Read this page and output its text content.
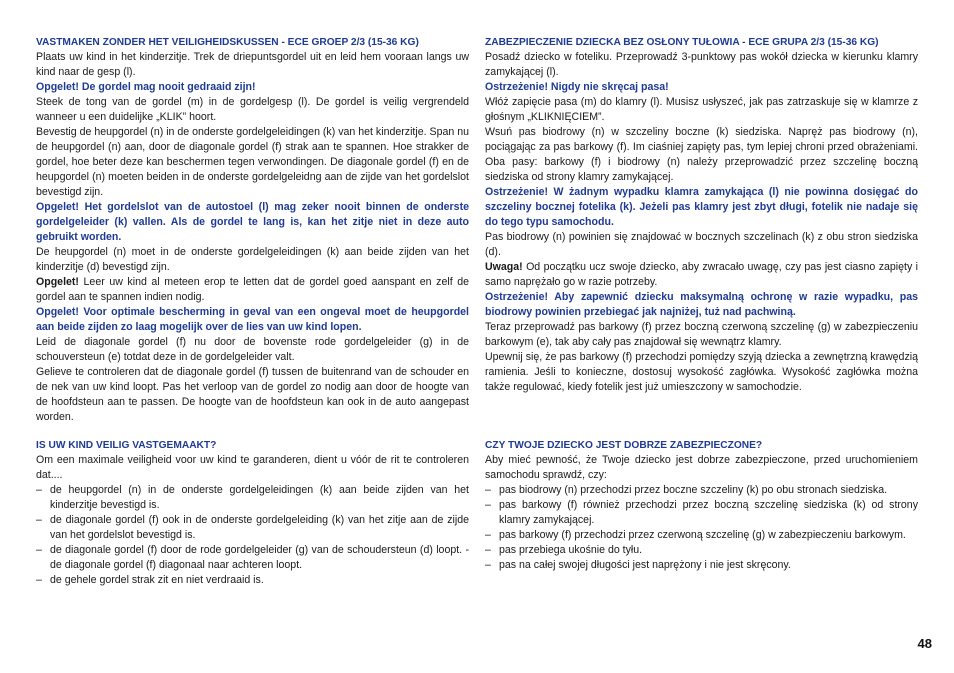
VASTMAKEN ZONDER HET VEILIGHEIDSKUSSEN - ECE GROEP 2/3 (15-36 KG)

Plaats uw kind in het kinderzitje. Trek de driepuntsgordel uit en leid hem vooraan langs uw kind naar de gesp (l).

Opgelet! De gordel mag nooit gedraaid zijn!

Steek de tong van de gordel (m) in de gordelgesp (l). De gordel is veilig vergrendeld wanneer u een duidelijke „KLIK” hoort.

Bevestig de heupgordel (n) in de onderste gordelgeleidingen (k) van het kinderzitje. Span nu de heupgordel (n) aan, door de diagonale gordel (f) strak aan te spannen. Hoe strakker de gordel, hoe beter deze kan beschermen tegen verwondingen. De diagonale gordel (f) en de heupgordel (n) moeten beiden in de onderste gordelgeleidng aan de zijde van het gordelslot bevestigd zijn.

Opgelet! Het gordelslot van de autostoel (l) mag zeker nooit binnen de onderste gordelgeleider (k) vallen. Als de gordel te lang is, kan het zitje niet in deze auto gebruikt worden.

De heupgordel (n) moet in de onderste gordelgeleidingen (k) aan beide zijden van het kinderzitje (d) bevestigd zijn.

Opgelet! Leer uw kind al meteen erop te letten dat de gordel goed aanspant en zelf de gordel aan te spannen indien nodig.

Opgelet! Voor optimale bescherming in geval van een ongeval moet de heupgordel aan beide zijden zo laag mogelijk over de lies van uw kind lopen.

Leid de diagonale gordel (f) nu door de bovenste rode gordelgeleider (g) in de schouversteun (e) totdat deze in de gordelgeleider valt.

Gelieve te controleren dat de diagonale gordel (f) tussen de buitenrand van de schouder en de nek van uw kind loopt. Pas het verloop van de gordel zo nodig aan door de hoogte van de hoofdsteun aan te passen. De hoogte van de hoofdsteun kan ook in de auto aangepast worden.

ZABEZPIECZENIE DZIECKA BEZ OSŁONY TUŁOWIA - ECE GRUPA 2/3 (15-36 KG)

Posadź dziecko w foteliku. Przeprowadź 3-punktowy pas wokół dziecka w kierunku klamry zamykającej (l).

Ostrzeżenie! Nigdy nie skręcaj pasa!

Włóż zapięcie pasa (m) do klamry (l). Musisz usłyszeć, jak pas zatrzaskuje się w klamrze z głośnym „KLIKNIĘCIEM”.

Wsuń pas biodrowy (n) w szczeliny boczne (k) siedziska. Napręż pas biodrowy (n), pociągając za pas barkowy (f). Im ciaśniej zapięty pas, tym lepiej chroni przed obrażeniami. Oba pasy: barkowy (f) i biodrowy (n) należy przeprowadzić przez szczelinę boczną siedziska od strony klamry zamykającej.

Ostrzeżenie! W żadnym wypadku klamra zamykająca (l) nie powinna dosięgać do szczeliny bocznej fotelika (k). Jeżeli pas klamry jest zbyt długi, fotelik nie nadaje się do tego typu samochodu.

Pas biodrowy (n) powinien się znajdować w bocznych szczelinach (k) z obu stron siedziska (d).

Uwaga! Od początku ucz swoje dziecko, aby zwracało uwagę, czy pas jest ciasno zapięty i samo naprężało go w razie potrzeby.

Ostrzeżenie! Aby zapewnić dziecku maksymalną ochronę w razie wypadku, pas biodrowy powinien przebiegać jak najniżej, tuż nad pachwiną.

Teraz przeprowadź pas barkowy (f) przez boczną czerwoną szczelinę (g) w zabezpieczeniu barkowym (e), tak aby cały pas znajdował się wewnątrz klamry.

Upewnij się, że pas barkowy (f) przechodzi pomiędzy szyją dziecka a zewnętrzną krawędzią ramienia. Jeśli to konieczne, dostosuj wysokość zagłówka. Wysokość zagłówka można także regulować, kiedy fotelik jest już umieszczony w samochodzie.

IS UW KIND VEILIG VASTGEMAAKT?

Om een maximale veiligheid voor uw kind te garanderen, dient u vóór de rit te controleren dat....

– de heupgordel (n) in de onderste gordelgeleidingen (k) aan beide zijden van het kinderzitje bevestigd is.
– de diagonale gordel (f) ook in de onderste gordelgeleiding (k) van het zitje aan de zijde van het gordelslot bevestigd is.
– de diagonale gordel (f) door de rode gordelgeleider (g) van de schoudersteun (d) loopt. -de diagonale gordel (f) diagonaal naar achteren loopt.
– de gehele gordel strak zit en niet verdraaid is.

CZY TWOJE DZIECKO JEST DOBRZE ZABEZPIECZONE?

Aby mieć pewność, że Twoje dziecko jest dobrze zabezpieczone, przed uruchomieniem samochodu sprawdź, czy:

– pas biodrowy (n) przechodzi przez boczne szczeliny (k) po obu stronach siedziska.
– pas barkowy (f) również przechodzi przez boczną szczelinę siedziska (k) od strony klamry zamykającej.
– pas barkowy (f) przechodzi przez czerwoną szczelinę (g) w zabezpieczeniu barkowym.
– pas przebiega ukośnie do tyłu.
– pas na całej swojej długości jest naprężony i nie jest skręcony.
48
